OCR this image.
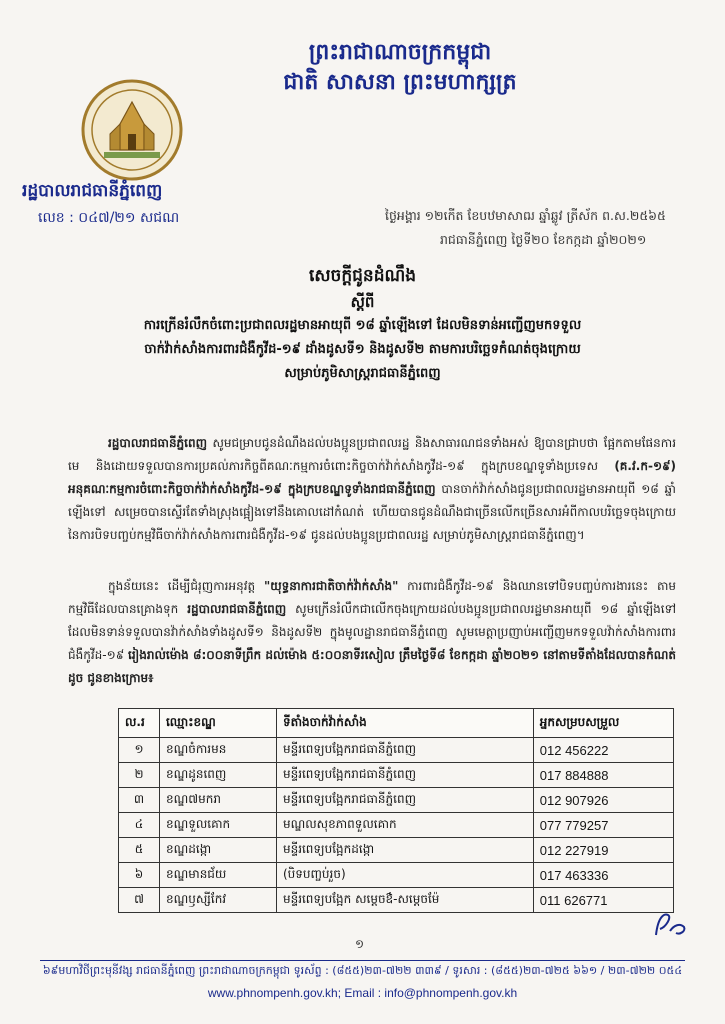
ព្រះរាជាណាចក្រកម្ពុជា
ជាតិ សាសនា ព្រះមហាក្សត្រ
រដ្ឋបាលរាជធានីភ្នំពេញ
លេខ : ០៤៧/២១ សជណ	ថ្ងៃអង្គារ ១២កើត ខែបឋមាសាឍ ឆ្នាំឆ្លូវ ត្រីស័ក ព.ស.២៥៦៥
រាជធានីភ្នំពេញ ថ្ងៃទី២០ ខែកក្កដា ឆ្នាំ២០២១
សេចក្ដីជូនដំណឹង
ស្ដីពី
ការក្រើនរំលឹកចំពោះប្រជាពលរដ្ឋមានអាយុពី ១៨ ឆ្នាំឡើងទៅ ដែលមិនទាន់អញ្ជើញមកទទួល
ចាក់វ៉ាក់សាំងការពារជំងឺកូវីដ-១៩ ដាំងដូសទី១ និងដូសទី២ តាមការបរិច្ឆេទកំណត់ចុងក្រោយ
សម្រាប់ភូមិសាស្ត្ររាជធានីភ្នំពេញ
រដ្ឋបាលរាជធានីភ្នំពេញ សូមជម្រាបជូនដំណឹងដល់បងប្អូនប្រជាពលរដ្ឋ និងសាធារណជនទាំងអស់ ឱ្យបានជ្រាបថា ផ្អែកតាមផែនការមេ និងដោយទទួលបានការប្រគល់ភារកិច្ចពីគណៈកម្មការចំពោះកិច្ចចាក់វ៉ាក់សាំងកូវីដ-១៩ ក្នុងក្របខណ្ឌទូទាំងប្រទេស (គ.វ.ក-១៩) អនុគណៈកម្មការចំពោះកិច្ចចាក់វ៉ាក់សាំងកូវីដ-១៩ ក្នុងក្របខណ្ឌទូទាំងរាជធានីភ្នំពេញ បានចាក់វ៉ាក់សាំងជូនប្រជាពលរដ្ឋមានអាយុពី ១៨ ឆ្នាំឡើងទៅ សម្រេចបានស្ទើរតែទាំងស្រុងផ្អៀងទៅនឹងគោលដៅកំណត់ ហើយបានជូនដំណឹងជាច្រើនលើកច្រើនសារអំពីកាលបរិច្ឆេទចុងក្រោយ នៃការបិទបញ្ចប់កម្មវិធីចាក់វ៉ាក់សាំងការពារជំងឺកូវីដ-១៩ ជូនដល់បងប្អូនប្រជាពលរដ្ឋ សម្រាប់ភូមិសាស្ត្ររាជធានីភ្នំពេញ។
ក្នុងន័យនេះ ដើម្បីជំរុញការអនុវត្ត "យុទ្ធនាការជាតិចាក់វ៉ាក់សាំង" ការពារជំងឺកូវីដ-១៩ និងឈានទៅបិទបញ្ចប់ការងារនេះ តាមកម្មវិធីដែលបានគ្រោងទុក រដ្ឋបាលរាជធានីភ្នំពេញ សូមក្រើនរំលឹកជាលើកចុងក្រោយដល់បងប្អូនប្រជាពលរដ្ឋមានអាយុពី ១៨ ឆ្នាំឡើងទៅ ដែលមិនទាន់ទទួលបានវ៉ាក់សាំងទាំងដូសទី១ និងដូសទី២ ក្នុងមូលដ្ឋានរាជធានីភ្នំពេញ សូមមេត្តាប្រញាប់អញ្ជើញមកទទួលវ៉ាក់សាំងការពារជំងឺកូវីដ-១៩ រៀងរាល់ម៉ោង ៨:០០នាទីព្រឹក ដល់ម៉ោង ៥:០០នាទីរសៀល ត្រឹមថ្ងៃទី៨ ខែកក្កដា ឆ្នាំ២០២១ នៅតាមទីតាំងដែលបានកំណត់ដូច ជូនខាងក្រោម៖
ល.រ	ឈ្មោះខណ្ឌ	ទីតាំងចាក់វ៉ាក់សាំង	អ្នកសម្របសម្រួល
១	ខណ្ឌចំការមន	មន្ទីរពេទ្យបង្អែករាជធានីភ្នំពេញ	012 456222
២	ខណ្ឌដូនពេញ	មន្ទីរពេទ្យបង្អែករាជធានីភ្នំពេញ	017 884888
៣	ខណ្ឌ៧មករា	មន្ទីរពេទ្យបង្អែករាជធានីភ្នំពេញ	012 907926
៤	ខណ្ឌទួលគោក	មណ្ឌលសុខភាពទួលគោក	077 779257
៥	ខណ្ឌដង្កោ	មន្ទីរពេទ្យបង្អែកដង្កោ	012 227919
៦	ខណ្ឌមានជ័យ	(បិទបញ្ចប់រួច)	017 463336
៧	ខណ្ឌឫស្សីកែវ	មន្ទីរពេទ្យបង្អែក សម្ដេចឳ-សម្ដេចម៉ែ	011 626771
១
៦៩មហាវិថីព្រះមុនីវង្ស រាជធានីភ្នំពេញ ព្រះរាជាណាចក្រកម្ពុជា ទូរស័ព្ទ : (៨៥៥)២៣-៧២២ ៣៣៩ / ទូរសារ : (៨៥៥)២៣-៧២៥ ៦៦១ / ២៣-៧២២ ០៥៤
www.phnompenh.gov.kh; Email : info@phnompenh.gov.kh
